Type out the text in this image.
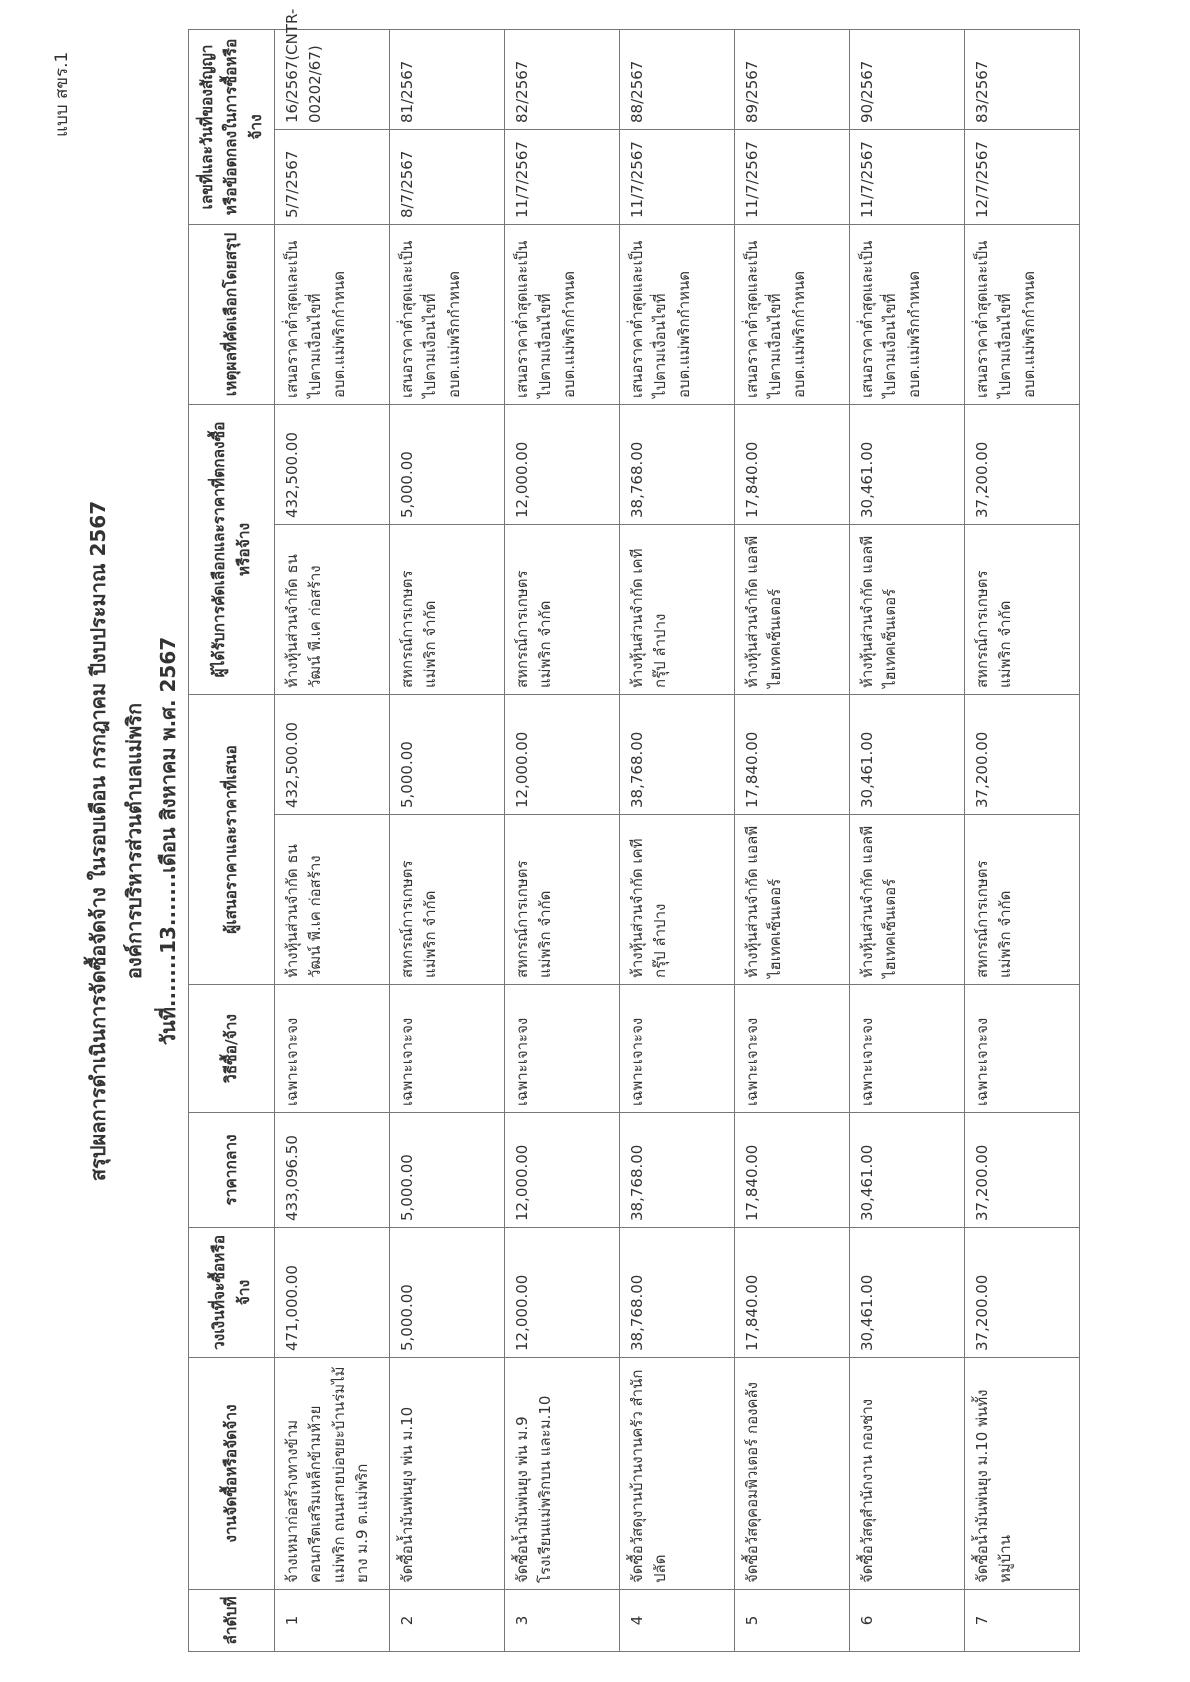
แบบ สขร.1
สรุปผลการดำเนินการจัดซื้อจัดจ้าง ในรอบเดือน กรกฎาคม ปีงบประมาณ 2567 องค์การบริหารส่วนตำบลแม่พริก วันที่.......13.......เดือน สิงหาคม พ.ศ. 2567
ลำดับที่	งานจัดซื้อหรือจัดจ้าง	วงเงินที่จะซื้อหรือจ้าง	ราคากลาง	วิธีซื้อ/จ้าง	ผู้เสนอราคาและราคาที่เสนอ		ผู้ได้รับการคัดเลือกและราคาที่ตกลงซื้อหรือจ้าง		เหตุผลที่คัดเลือกโดยสรุป	เลขที่และวันที่ของสัญญาหรือข้อตกลงในการซื้อหรือจ้าง	
1	จ้างเหมาก่อสร้างทางข้ามคอนกรีตเสริมเหล็กข้ามห้วยแม่พริก ถนนสายบ่อขยะบ้านร่มไม้ยาง ม.9 ต.แม่พริก	471,000.00	433,096.50	เฉพาะเจาะจง	ห้างหุ้นส่วนจำกัด ธนวัฒน์ พี.เค ก่อสร้าง	432,500.00	ห้างหุ้นส่วนจำกัด ธนวัฒน์ พี.เค ก่อสร้าง	432,500.00	เสนอราคาต่ำสุดและเป็นไปตามเงื่อนไขที่ อบต.แม่พริกกำหนด	5/7/2567	16/2567(CNTR-00202/67)
2	จัดซื้อน้ำมันพ่นยุง พ่น ม.10	5,000.00	5,000.00	เฉพาะเจาะจง	สหกรณ์การเกษตรแม่พริก จำกัด	5,000.00	สหกรณ์การเกษตรแม่พริก จำกัด	5,000.00	เสนอราคาต่ำสุดและเป็นไปตามเงื่อนไขที่ อบต.แม่พริกกำหนด	8/7/2567	81/2567
3	จัดซื้อน้ำมันพ่นยุง พ่น ม.9 โรงเรียนแม่พริกบน และม.10	12,000.00	12,000.00	เฉพาะเจาะจง	สหกรณ์การเกษตรแม่พริก จำกัด	12,000.00	สหกรณ์การเกษตรแม่พริก จำกัด	12,000.00	เสนอราคาต่ำสุดและเป็นไปตามเงื่อนไขที่ อบต.แม่พริกกำหนด	11/7/2567	82/2567
4	จัดซื้อวัสดุงานบ้านงานครัว สำนักปลัด	38,768.00	38,768.00	เฉพาะเจาะจง	ห้างหุ้นส่วนจำกัด เคทีกรุ๊ป ลำปาง	38,768.00	ห้างหุ้นส่วนจำกัด เคทีกรุ๊ป ลำปาง	38,768.00	เสนอราคาต่ำสุดและเป็นไปตามเงื่อนไขที่ อบต.แม่พริกกำหนด	11/7/2567	88/2567
5	จัดซื้อวัสดุคอมพิวเตอร์ กองคลัง	17,840.00	17,840.00	เฉพาะเจาะจง	ห้างหุ้นส่วนจำกัด แอลพีไฮเทคเซ็นเตอร์	17,840.00	ห้างหุ้นส่วนจำกัด แอลพีไฮเทคเซ็นเตอร์	17,840.00	เสนอราคาต่ำสุดและเป็นไปตามเงื่อนไขที่ อบต.แม่พริกกำหนด	11/7/2567	89/2567
6	จัดซื้อวัสดุสำนักงาน กองช่าง	30,461.00	30,461.00	เฉพาะเจาะจง	ห้างหุ้นส่วนจำกัด แอลพีไฮเทคเซ็นเตอร์	30,461.00	ห้างหุ้นส่วนจำกัด แอลพีไฮเทคเซ็นเตอร์	30,461.00	เสนอราคาต่ำสุดและเป็นไปตามเงื่อนไขที่ อบต.แม่พริกกำหนด	11/7/2567	90/2567
7	จัดซื้อน้ำมันพ่นยุง ม.10 พ่นทั้งหมู่บ้าน	37,200.00	37,200.00	เฉพาะเจาะจง	สหกรณ์การเกษตรแม่พริก จำกัด	37,200.00	สหกรณ์การเกษตรแม่พริก จำกัด	37,200.00	เสนอราคาต่ำสุดและเป็นไปตามเงื่อนไขที่ อบต.แม่พริกกำหนด	12/7/2567	83/2567
